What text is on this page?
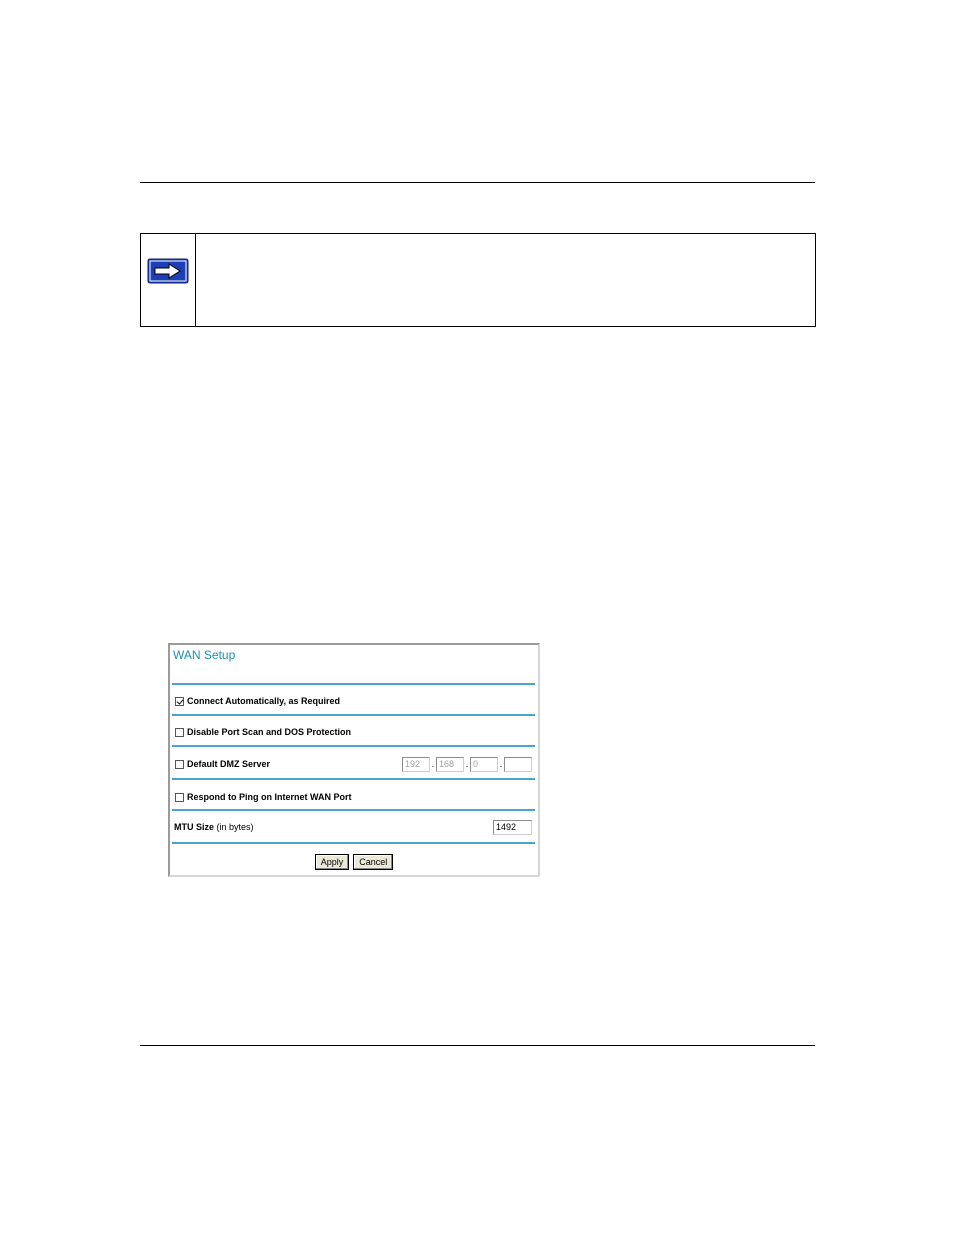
WAN Setup
Connect Automatically, as Required
Disable Port Scan and DOS Protection
Default DMZ Server	192	. 168	. 0	.
Respond to Ping on Internet WAN Port
MTU Size (in bytes)	1492
Apply	Cancel
